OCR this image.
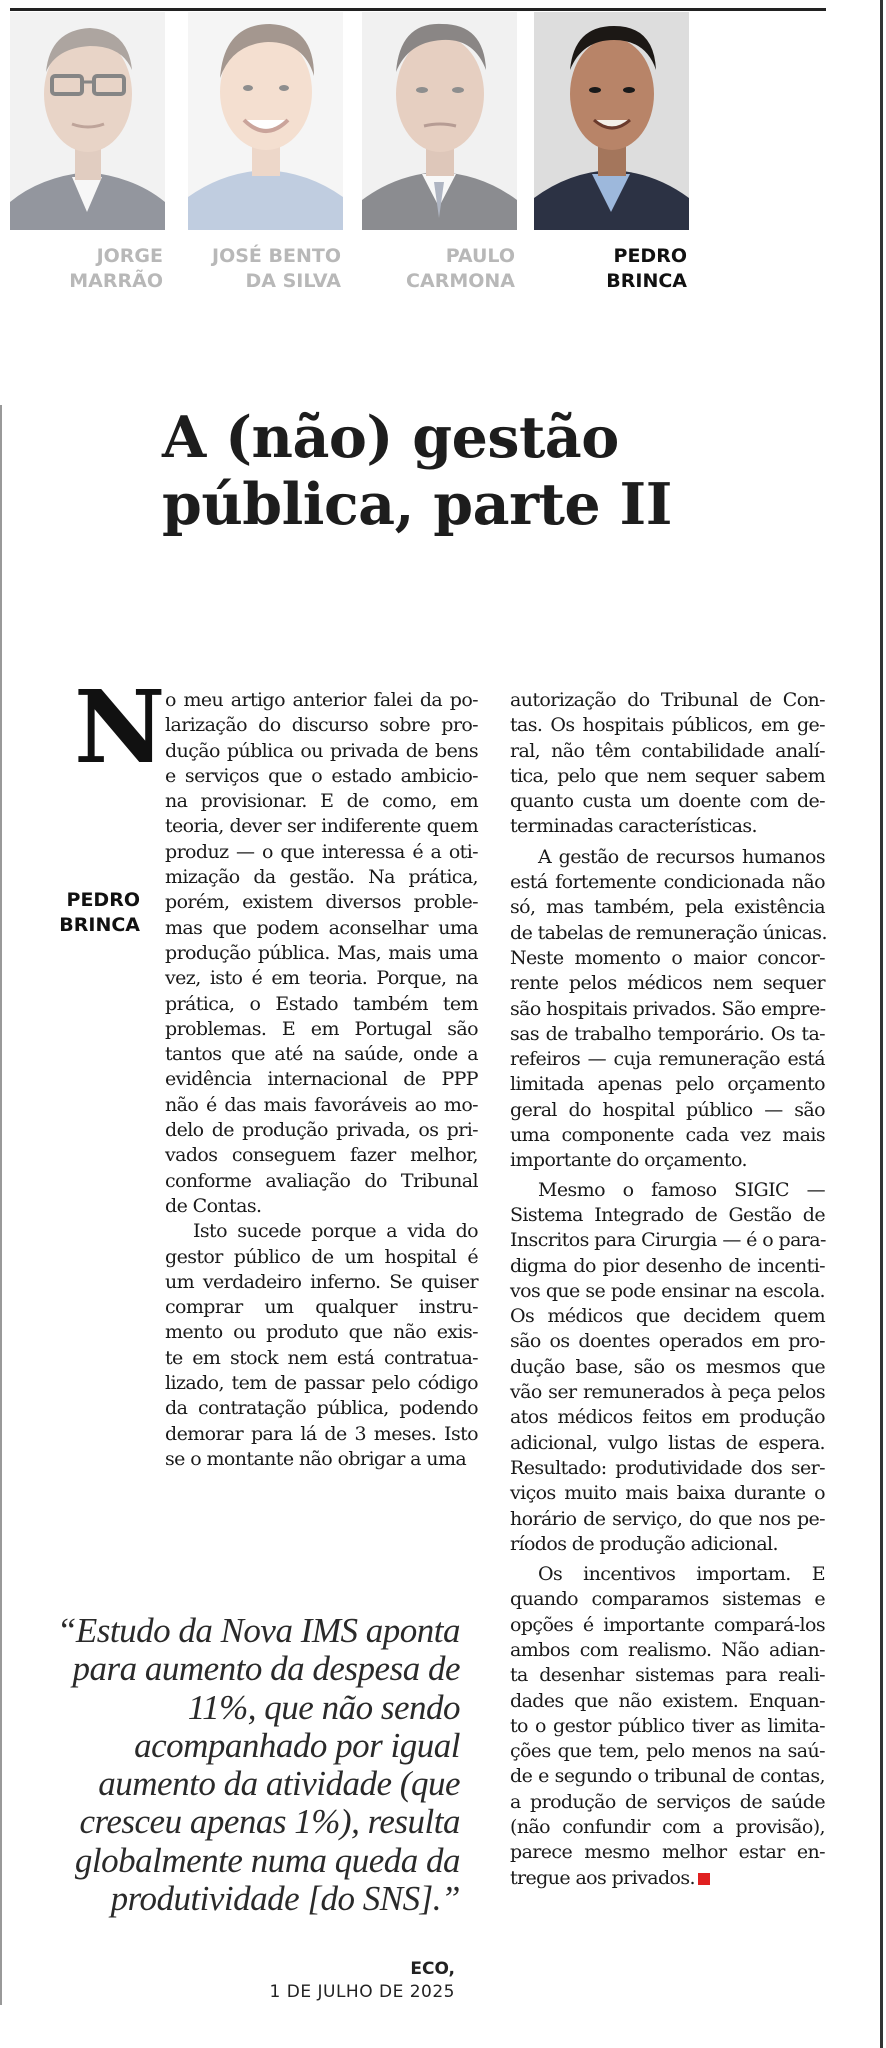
JORGE
MARRÃO
JOSÉ BENTO
DA SILVA
PAULO
CARMONA
PEDRO
BRINCA
A (não) gestão
pública, parte II
PEDRO
BRINCA
N o meu artigo anterior falei da po-
larização do discurso sobre pro-
dução pública ou privada de bens
e serviços que o estado ambicio-
na provisionar. E de como, em
teoria, dever ser indiferente quem
produz — o que interessa é a oti-
mização da gestão. Na prática,
porém, existem diversos proble-
mas que podem aconselhar uma
produção pública. Mas, mais uma
vez, isto é em teoria. Porque, na
prática, o Estado também tem
problemas. E em Portugal são
tantos que até na saúde, onde a
evidência internacional de PPP
não é das mais favoráveis ao mo-
delo de produção privada, os pri-
vados conseguem fazer melhor,
conforme avaliação do Tribunal
de Contas.
Isto sucede porque a vida do
gestor público de um hospital é
um verdadeiro inferno. Se quiser
comprar um qualquer instru-
mento ou produto que não exis-
te em stock nem está contratua-
lizado, tem de passar pelo código
da contratação pública, podendo
demorar para lá de 3 meses. Isto
se o montante não obrigar a uma
autorização do Tribunal de Con-
tas. Os hospitais públicos, em ge-
ral, não têm contabilidade analí-
tica, pelo que nem sequer sabem
quanto custa um doente com de-
terminadas características.
A gestão de recursos humanos
está fortemente condicionada não
só, mas também, pela existência
de tabelas de remuneração únicas.
Neste momento o maior concor-
rente pelos médicos nem sequer
são hospitais privados. São empre-
sas de trabalho temporário. Os ta-
refeiros — cuja remuneração está
limitada apenas pelo orçamento
geral do hospital público — são
uma componente cada vez mais
importante do orçamento.
Mesmo o famoso SIGIC —
Sistema Integrado de Gestão de
Inscritos para Cirurgia — é o para-
digma do pior desenho de incenti-
vos que se pode ensinar na escola.
Os médicos que decidem quem
são os doentes operados em pro-
dução base, são os mesmos que
vão ser remunerados à peça pelos
atos médicos feitos em produção
adicional, vulgo listas de espera.
Resultado: produtividade dos ser-
viços muito mais baixa durante o
horário de serviço, do que nos pe-
ríodos de produção adicional.
Os incentivos importam. E
quando comparamos sistemas e
opções é importante compará-los
ambos com realismo. Não adian-
ta desenhar sistemas para reali-
dades que não existem. Enquan-
to o gestor público tiver as limita-
ções que tem, pelo menos na saú-
de e segundo o tribunal de contas,
a produção de serviços de saúde
(não confundir com a provisão),
parece mesmo melhor estar en-
tregue aos privados.
“Estudo da Nova IMS aponta
para aumento da despesa de
11%, que não sendo
acompanhado por igual
aumento da atividade (que
cresceu apenas 1%), resulta
globalmente numa queda da
produtividade [do SNS].”
ECO,
1 DE JULHO DE 2025
